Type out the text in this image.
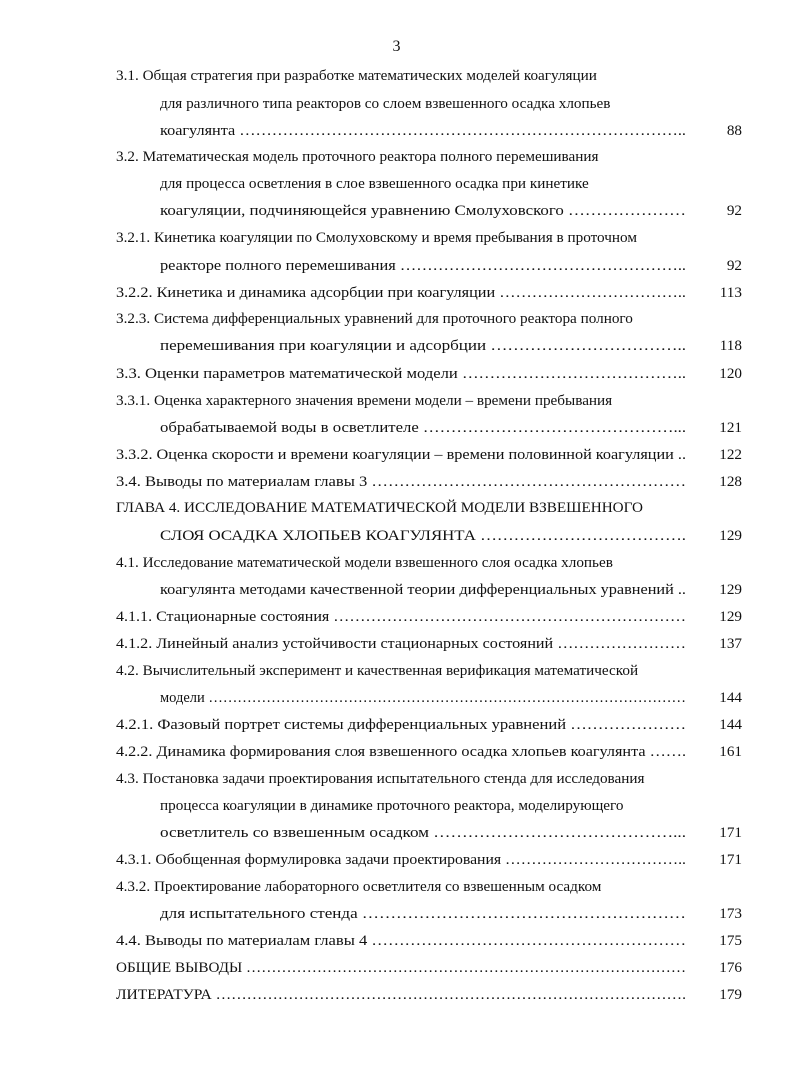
3
3.1. Общая стратегия при разработке математических моделей коагуляции
для различного типа реакторов со слоем взвешенного осадка хлопьев
коагулянта ………………………………………………………………………..	88
3.2. Математическая модель проточного реактора полного перемешивания
для процесса осветления в слое взвешенного осадка при кинетике
коагуляции, подчиняющейся уравнению Смолуховского …………………	92
3.2.1. Кинетика коагуляции по Смолуховскому и время пребывания в проточном
реакторе полного перемешивания ……………………………………………..	92
3.2.2. Кинетика и динамика адсорбции при коагуляции ……………………………..	113
3.2.3. Система дифференциальных уравнений для проточного реактора полного
перемешивания при коагуляции и адсорбции ……………………………..	118
3.3. Оценки параметров математической модели …………………………………..	120
3.3.1. Оценка характерного значения времени модели – времени пребывания
обрабатываемой воды в осветлителе ………………………………………...	121
3.3.2. Оценка скорости и времени коагуляции – времени половинной коагуляции ..	122
3.4. Выводы по материалам главы 3 …………………………………………………	128
ГЛАВА 4. ИССЛЕДОВАНИЕ МАТЕМАТИЧЕСКОЙ МОДЕЛИ ВЗВЕШЕННОГО
СЛОЯ ОСАДКА ХЛОПЬЕВ КОАГУЛЯНТА ……………………………….	129
4.1. Исследование математической модели взвешенного слоя осадка хлопьев
коагулянта методами качественной теории дифференциальных уравнений ..	129
4.1.1. Стационарные состояния …………………………………………………………	129
4.1.2. Линейный анализ устойчивости стационарных состояний ……………………	137
4.2. Вычислительный эксперимент и качественная верификация математической
модели ………………………………………………………………………………………	144
4.2.1. Фазовый портрет системы дифференциальных уравнений …………………	144
4.2.2. Динамика формирования слоя взвешенного осадка хлопьев коагулянта …….	161
4.3. Постановка задачи проектирования испытательного стенда для исследования
процесса коагуляции в динамике проточного реактора, моделирующего
осветлитель со взвешенным осадком ……………………………………...	171
4.3.1. Обобщенная формулировка задачи проектирования ……………………………..	171
4.3.2. Проектирование лабораторного осветлителя со взвешенным осадком
для испытательного стенда …………………………………………………	173
4.4. Выводы по материалам главы 4 …………………………………………………	175
ОБЩИЕ ВЫВОДЫ ……………………………………………………………………………	176
ЛИТЕРАТУРА ……………………………………………………………………………….	179
